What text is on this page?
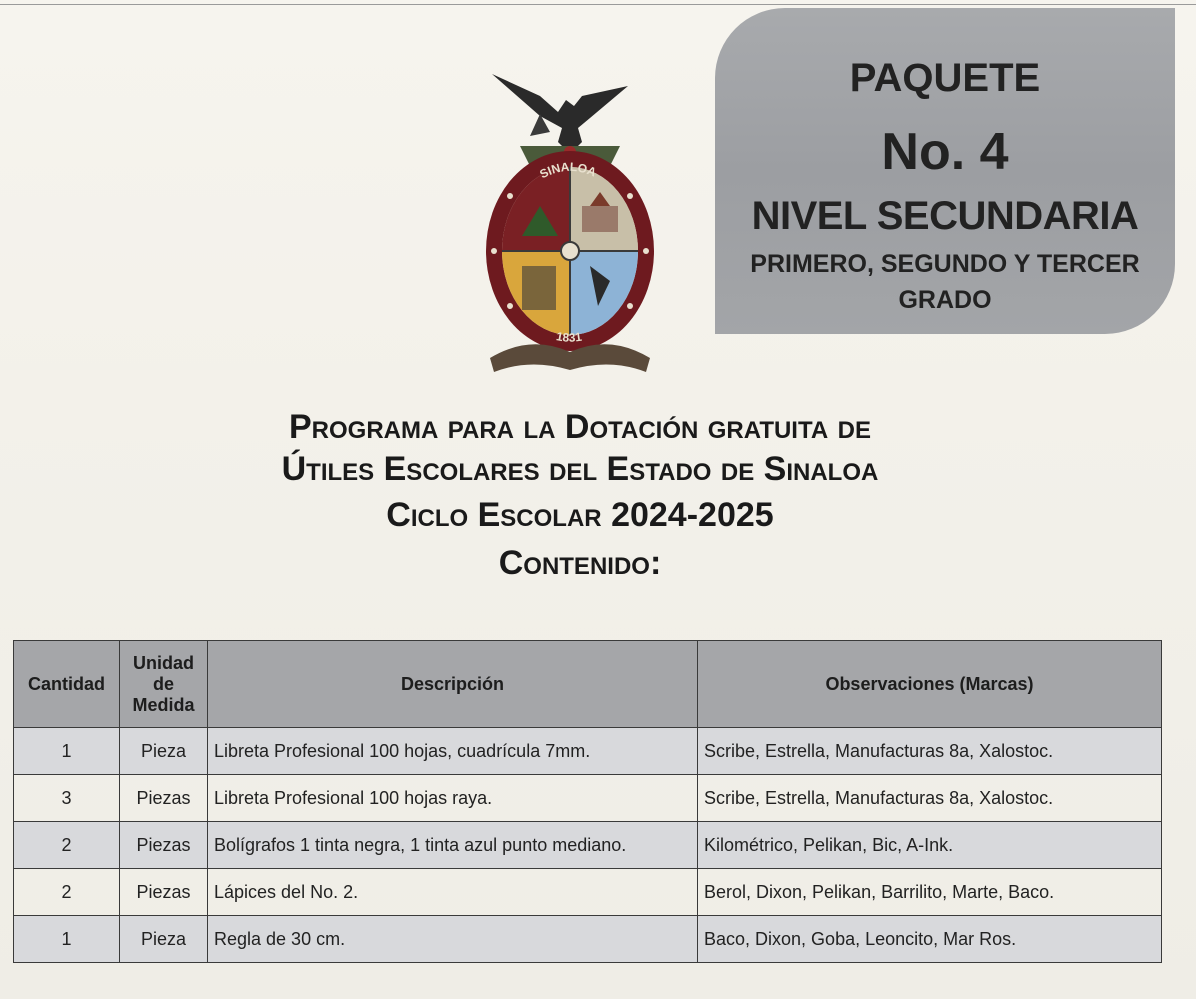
PAQUETE
No. 4
NIVEL SECUNDARIA
PRIMERO, SEGUNDO Y TERCER GRADO
SINALOA
1831
Programa para la Dotación gratuita de
Útiles Escolares del Estado de Sinaloa
Ciclo Escolar 2024-2025
Contenido:
Cantidad	Unidad de Medida	Descripción	Observaciones (Marcas)
1	Pieza	Libreta Profesional 100 hojas, cuadrícula 7mm.	Scribe, Estrella, Manufacturas 8a, Xalostoc.
3	Piezas	Libreta Profesional 100 hojas raya.	Scribe, Estrella, Manufacturas 8a, Xalostoc.
2	Piezas	Bolígrafos 1 tinta negra, 1 tinta azul punto mediano.	Kilométrico, Pelikan, Bic, A-Ink.
2	Piezas	Lápices del No. 2.	Berol, Dixon, Pelikan, Barrilito, Marte, Baco.
1	Pieza	Regla de 30 cm.	Baco, Dixon, Goba, Leoncito, Mar Ros.
